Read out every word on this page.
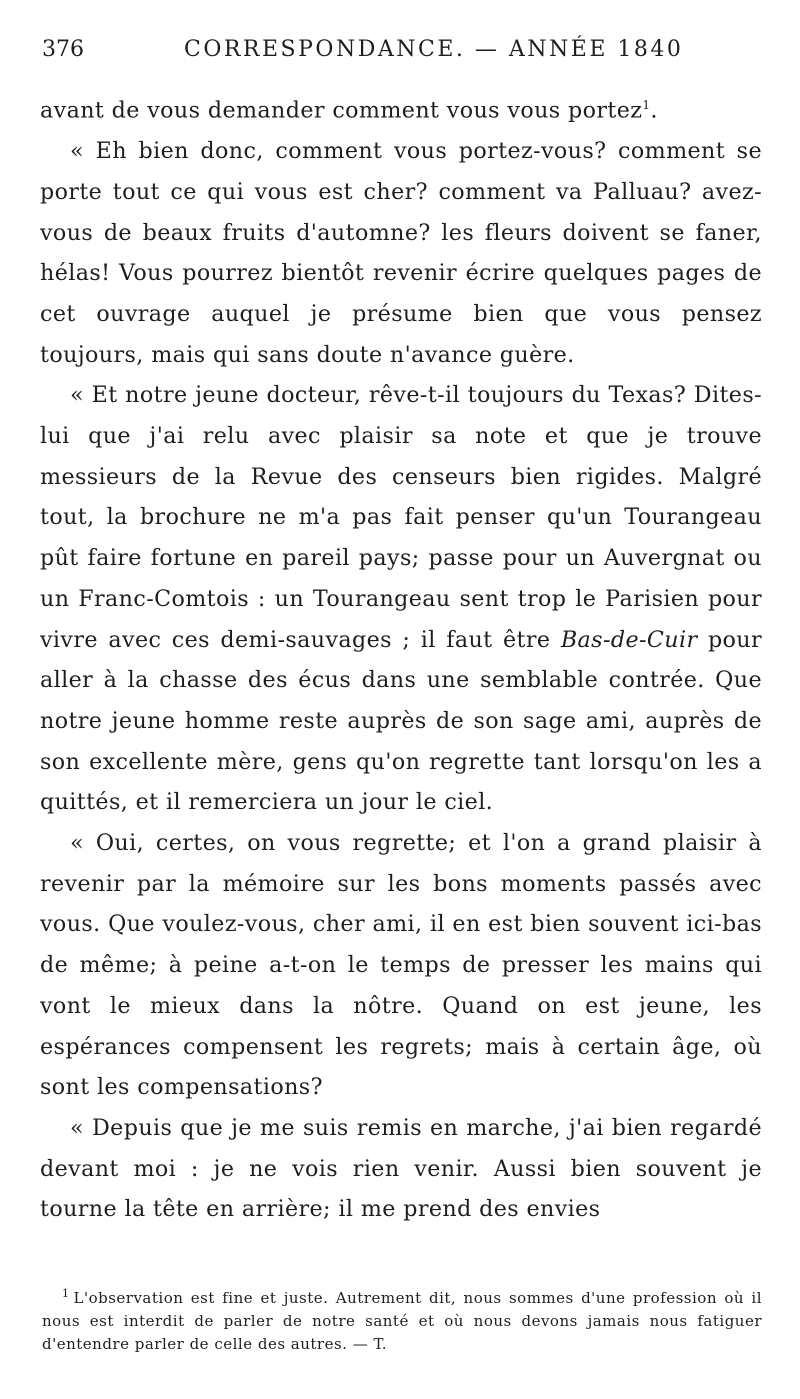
376	CORRESPONDANCE. — ANNÉE 1840

avant de vous demander comment vous vous portez$^1$.

« Eh bien donc, comment vous portez-vous? comment se porte tout ce qui vous est cher? comment va Palluau? avez-vous de beaux fruits d'automne? les fleurs doivent se faner, hélas! Vous pourrez bientôt revenir écrire quelques pages de cet ouvrage auquel je présume bien que vous pensez toujours, mais qui sans doute n'avance guère.

« Et notre jeune docteur, rêve-t-il toujours du Texas? Dites-lui que j'ai relu avec plaisir sa note et que je trouve messieurs de la Revue des censeurs bien rigides. Malgré tout, la brochure ne m'a pas fait penser qu'un Tourangeau pût faire fortune en pareil pays; passe pour un Auvergnat ou un Franc-Comtois : un Tourangeau sent trop le Parisien pour vivre avec ces demi-sauvages ; il faut être Bas-de-Cuir pour aller à la chasse des écus dans une semblable contrée. Que notre jeune homme reste auprès de son sage ami, auprès de son excellente mère, gens qu'on regrette tant lorsqu'on les a quittés, et il remerciera un jour le ciel.

« Oui, certes, on vous regrette; et l'on a grand plaisir à revenir par la mémoire sur les bons moments passés avec vous. Que voulez-vous, cher ami, il en est bien souvent ici-bas de même; à peine a-t-on le temps de presser les mains qui vont le mieux dans la nôtre. Quand on est jeune, les espérances compensent les regrets; mais à certain âge, où sont les compensations?

« Depuis que je me suis remis en marche, j'ai bien regardé devant moi : je ne vois rien venir. Aussi bien souvent je tourne la tête en arrière; il me prend des envies

$^1$ L'observation est fine et juste. Autrement dit, nous sommes d'une profession où il nous est interdit de parler de notre santé et où nous devons jamais nous fatiguer d'entendre parler de celle des autres. — T.
